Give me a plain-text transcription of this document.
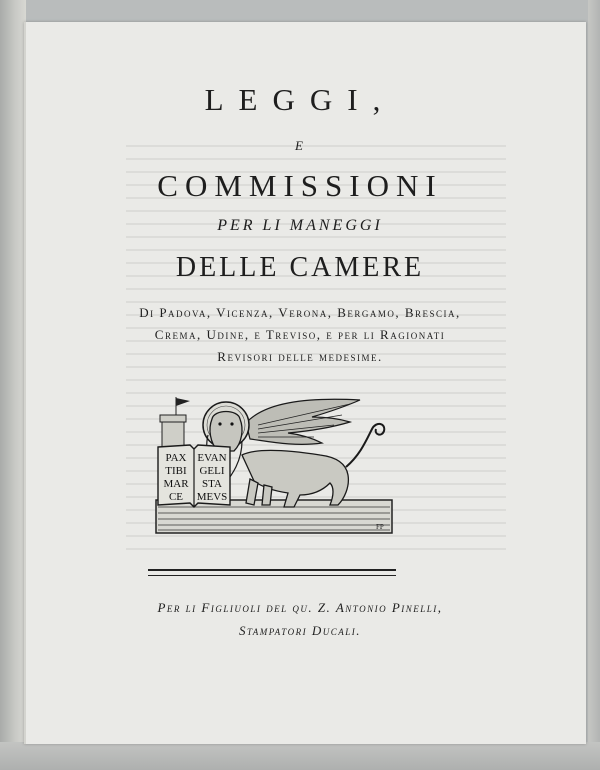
LEGGI,
E
COMMISSIONI
PER LI MANEGGI
DELLE CAMERE
Di Padova, Vicenza, Verona, Bergamo, Brescia,
Crema, Udine, e Treviso, e per li Ragionati
Revisori delle medesime.
PAX
TIBI
MAR
CE
EVAN
GELI
STA
MEVS
FP
Per li Figliuoli del qu. Z. Antonio Pinelli,
Stampatori Ducali.
